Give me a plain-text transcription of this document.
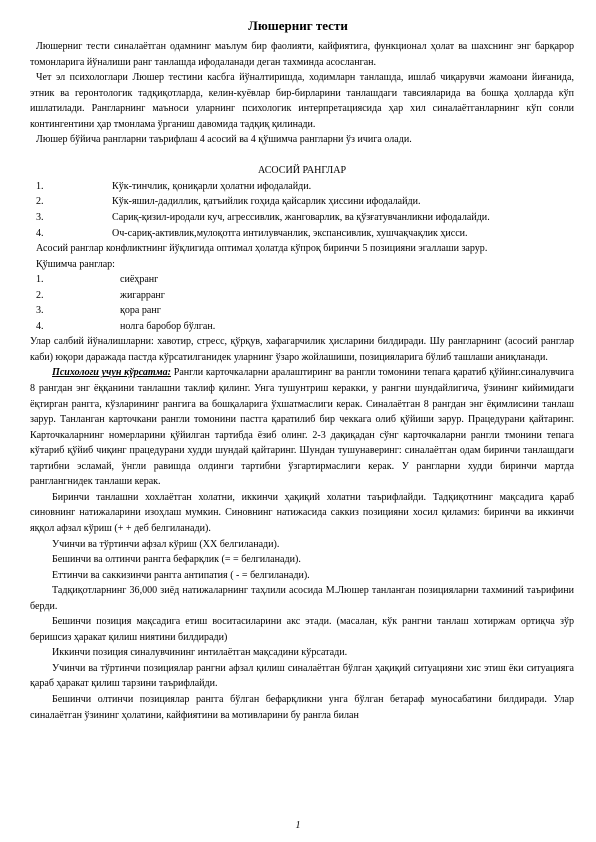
Люшерниг тести

Люшерниг тести синалаётган одамнинг маълум бир фаолияти, кайфиятига, функционал ҳолат ва шахснинг энг барқарор томонларига йўналиши ранг танлашда ифодаланади деган тахминда асосланган.

Чет эл психологлари Люшер тестини касбга йўналтиришда, ходимларн танлашда, ишлаб чиқарувчи жамоани йиғанида, этник ва геронтологик тадқиқотларда, келин-куёвлар бир-бирларини танлашдаги тавсияларида ва бошқа ҳолларда кўп ишлатилади. Рангларнинг маъноси уларнинг психологик интерпретациясида ҳар хил синалаётганларнинг кўп сонли контингентини ҳар тмонлама ўрганиш давомида тадқиқ қилинади.

Люшер бўйича рангларни таърифлаш 4 асосий ва 4 қўшимча рангларни ўз ичига олади.

АСОСИЙ РАНГЛАР

1.	Кўк-тинчлик, қониқарли ҳолатни ифодалайди.
2.	Кўк-яшил-дадиллик, қатъийлик гоҳида қайсарлик ҳиссини ифодалайди.
3.	Сариқ-қизил-иродали куч, агрессивлик, жанговарлик, ва қўзғатувчанликни ифодалайди.
4.	Оч-сариқ-активлик,мулоқотга интилувчанлик, экспансивлик, хушчақчақлик ҳисси.

Асосий ранглар конфликтнинг йўқлигида оптимал ҳолатда кўпроқ биринчи 5 позицияни эгаллаши зарур.

Қўшимча ранглар:

1.	сиёҳранг
2.	жигарранг
3.	қора ранг
4.	нолга баробор бўлган.

Улар салбий йўналишларни: хавотир, стресс, қўрқув, хафагарчилик ҳисларини билдиради. Шу рангларнинг (асосий ранглар каби) юқори даражада пастда кўрсатилганидек уларнинг ўзаро жойлашиши, позицияларига бўлиб ташлаши аниқланади.

Психологи учун кўрсатма: Рангли карточкаларни аралаштиринг ва рангли томонини тепага қаратиб қўйинг.синалувчига 8 рангдан энг ёққанини танлашни таклиф қилинг. Унга тушунтриш керакки, у рангни шундайлигича, ўзининг кийимидаги ёқтирган рангга, кўзларининг рангига ва бошқаларига ўхшатмаслиги керак. Синалаётган 8 рангдан энг ёқимлисини танлаш зарур. Танланган карточкани рангли томонини пастга қаратилиб бир чеккага олиб қўйиши зарур. Працедурани қайтаринг. Карточкаларнинг номерларини қўйилган тартибда ёзиб олинг. 2-3 дақиқадан сўнг карточкаларни рангли тмонини тепага кўтариб қўйиб чиқинг працедурани худди шундай қайтаринг. Шундан тушунаверинг: синалаётган одам биринчи танлашдаги тартибни эсламай, ўнгли равишда олдинги тартибни ўзгартирмаслиги керак. У рангларни худди биринчи мартда ранглангнидек танлаши керак.

Биринчи танлашни хохлаётган холатни, иккинчи ҳақиқий холатни таърифлайди. Тадқиқотнинг мақсадига қараб синовнинг натижаларини изоҳлаш мумкин. Синовнинг натижасида саккиз позицияни хосил қиламиз: биринчи ва иккинчи яққол афзал кўриш (+ + деб белгиланади).

Учинчи ва тўртинчи афзал кўриш (XX белгиланади).

Бешинчи ва олтинчи рангга бефарқлик (= = белгиланади).

Еттинчи ва саккизинчи рангга антипатия ( - = белгиланади).

Тадқиқотларнинг 36,000 зиёд натижаларнинг таҳлили асосида М.Люшер танланган позицияларни тахминий таърифини берди.

Бешинчи позиция мақсадига етиш воситасиларини акс этади. (масалан, кўк рангни танлаш хотиржам ортиқча зўр беришсиз ҳаракат қилиш ниятини билдиради)

Иккинчи позиция синалувчининг интилаётган мақсадини кўрсатади.

Учинчи ва тўртинчи позициялар рангни афзал қилиш синалаётган бўлган ҳақиқий ситуацияни хис этиш ёки ситуацияга қараб ҳаракат қилиш тарзини таърифлайди.

Бешинчи олтинчи позициялар рангга бўлган бефарқликни унга бўлган бетараф муносабатини билдиради. Улар синалаётган ўзининг ҳолатини, кайфиятини ва мотивларини бу рангла билан

1
